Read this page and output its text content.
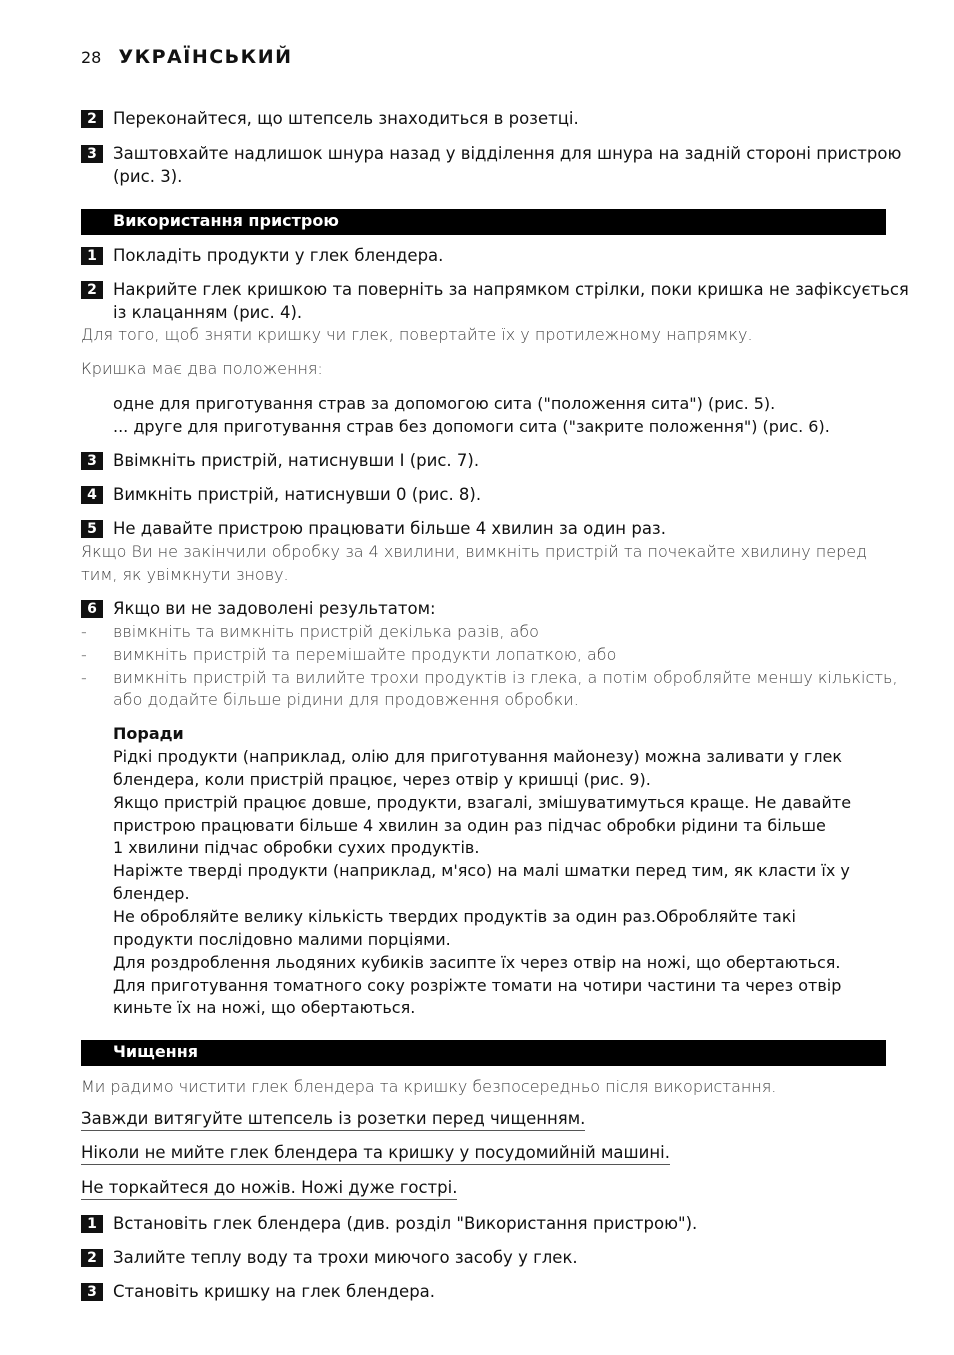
28 УКРАЇНСЬКИЙ
2 Переконайтеся, що штепсель знаходиться в розетці.
3 Заштовхайте надлишок шнура назад у відділення для шнура на задній стороні пристрою
(рис. 3).
Використання пристрою
1 Покладіть продукти у глек блендера.
2 Накрийте глек кришкою та поверніть за напрямком стрілки, поки кришка не зафіксується
із клацанням (рис. 4).
Для того, щоб зняти кришку чи глек, повертайте їх у протилежному напрямку.
Кришка має два положення:
одне для приготування страв за допомогою сита ("положення сита") (рис. 5).
... друге для приготування страв без допомоги сита ("закрите положення") (рис. 6).
3 Ввімкніть пристрій, натиснувши I (рис. 7).
4 Вимкніть пристрій, натиснувши 0 (рис. 8).
5 Не давайте пристрою працювати більше 4 хвилин за один раз.
Якщо Ви не закінчили обробку за 4 хвилини, вимкніть пристрій та почекайте хвилину перед
тим, як увімкнути знову.
6 Якщо ви не задоволені результатом:
- ввімкніть та вимкніть пристрій декілька разів, або
- вимкніть пристрій та перемішайте продукти лопаткою, або
- вимкніть пристрій та вилийте трохи продуктів із глека, а потім обробляйте меншу кількість,
або додайте більше рідини для продовження обробки.
Поради
Рідкі продукти (наприклад, олію для приготування майонезу) можна заливати у глек
блендера, коли пристрій працює, через отвір у кришці (рис. 9).
Якщо пристрій працює довше, продукти, взагалі, змішуватимуться краще. Не давайте
пристрою працювати більше 4 хвилин за один раз підчас обробки рідини та більше
1 хвилини підчас обробки сухих продуктів.
Наріжте тверді продукти (наприклад, м'ясо) на малі шматки перед тим, як класти їх у
блендер.
Не обробляйте велику кількість твердих продуктів за один раз.Обробляйте такі
продукти послідовно малими порціями.
Для роздроблення льодяних кубиків засипте їх через отвір на ножі, що обертаються.
Для приготування томатного соку розріжте томати на чотири частини та через отвір
киньте їх на ножі, що обертаються.
Чищення
Ми радимо чистити глек блендера та кришку безпосередньо після використання.
Завжди витягуйте штепсель із розетки перед чищенням.
Ніколи не мийте глек блендера та кришку у посудомийній машині.
Не торкайтеся до ножів. Ножі дуже гострі.
1 Встановіть глек блендера (див. розділ "Використання пристрою").
2 Залийте теплу воду та трохи миючого засобу у глек.
3 Становіть кришку на глек блендера.
